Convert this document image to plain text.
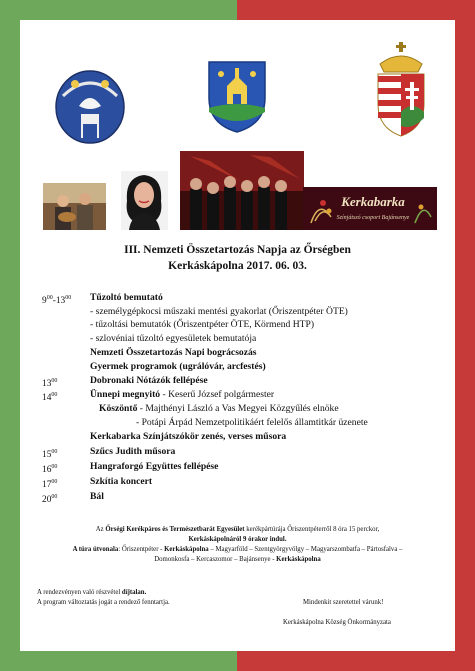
Kerkabarka
Színjátszó csoport Bajánsenye
III. Nemzeti Összetartozás Napja az Őrségben
Kerkáskápolna 2017. 06. 03.
$9^{00}-13^{00}$ Tűzoltó bemutató
- személygépkocsi műszaki mentési gyakorlat (Őriszentpéter ÖTE)
- tűzoltási bemutatók (Őriszentpéter ÖTE, Körmend HTP)
- szlovéniai tűzoltó egyesületek bemutatója
Nemzeti Összetartozás Napi bográcsozás
Gyermek programok (ugrálóvár, arcfestés)
$13^{00}$	Dobronaki Nótázók fellépése
$14^{00}$	Ünnepi megnyitó - Keserű József polgármester
Köszöntő - Majthényi László a Vas Megyei Közgyűlés elnöke
- Potápi Árpád Nemzetpolitikáért felelős államtitkár üzenete
Kerkabarka Színjátszókör zenés, verses műsora
$15^{00}$	Szűcs Judith műsora
$16^{00}$	Hangraforgó Együttes fellépése
$17^{00}$	Szkítia koncert
$20^{00}$	Bál
Az Őrségi Kerékpáros és Természetbarát Egyesület kerékpártúrája Őriszentpéterről 8 óra 15 perckor,
Kerkáskápolnáról 9 órakor indul.
A túra útvonala: Őriszentpéter - Kerkáskápolna – Magyarföld – Szentgyörgyvölgy – Magyarszombatfa – Pártosfalva –
Domonkosfa – Kercaszomor – Bajánsenye - Kerkáskápolna
A rendezvényen való részvétel díjtalan.
A program változtatás jogát a rendező fenntartja.	Mindenkit szeretettel várunk!
Kerkáskápolna Község Önkormányzata
